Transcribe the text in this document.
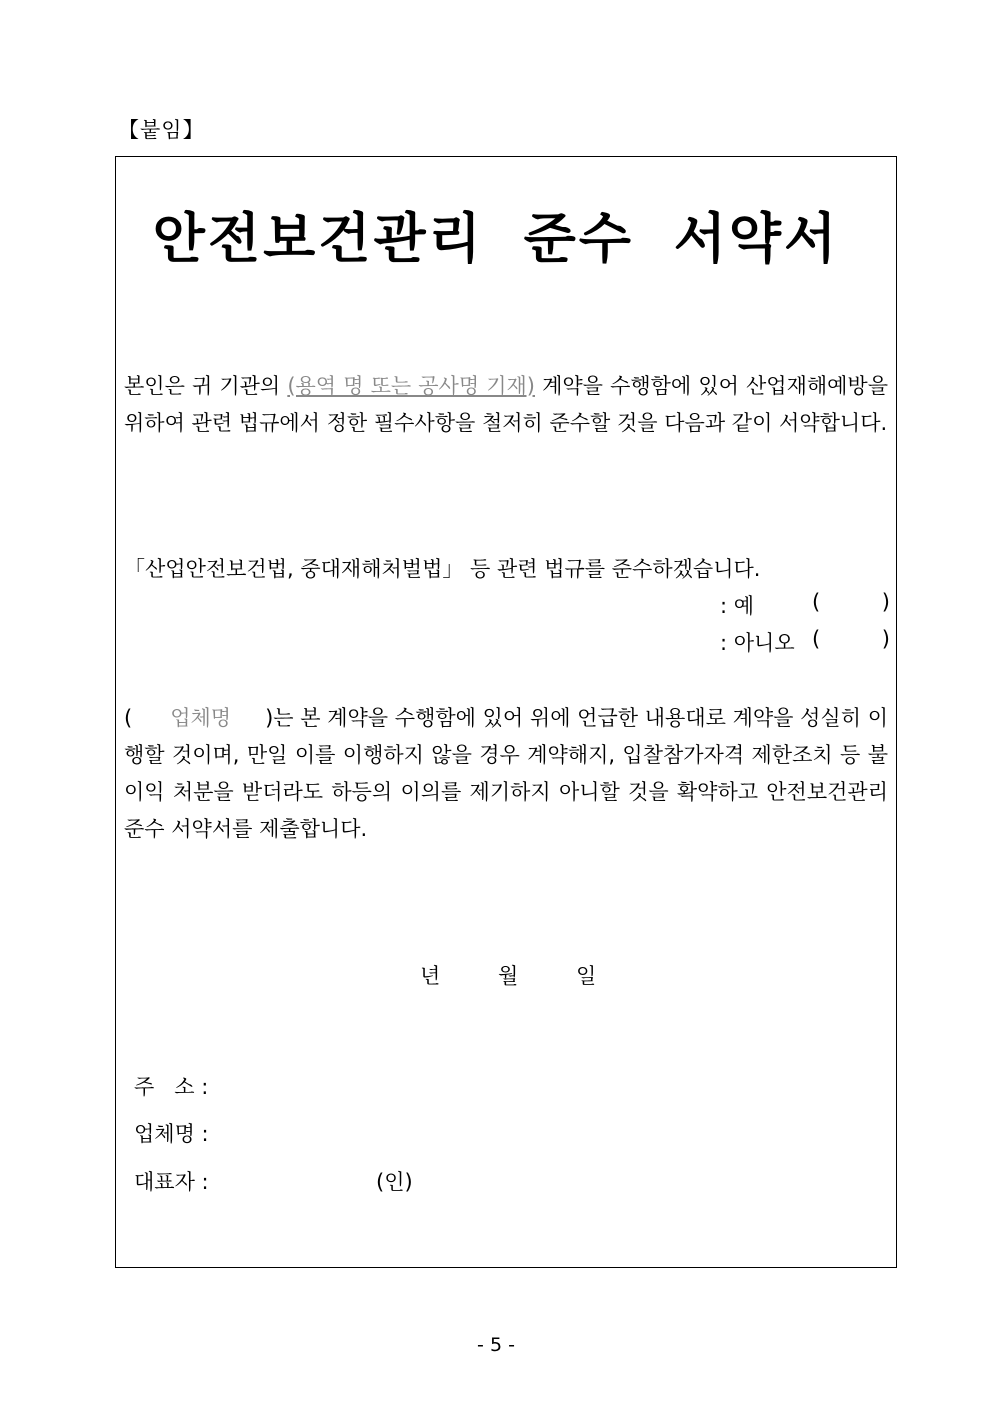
【붙임】
안전보건관리 준수 서약서
본인은 귀 기관의 (용역 명 또는 공사명 기재) 계약을 수행함에 있어 산업재해예방을 위하여 관련 법규에서 정한 필수사항을 철저히 준수할 것을 다음과 같이 서약합니다.
「산업안전보건법, 중대재해처벌법」 등 관련 법규를 준수하겠습니다.
: 예	(	)
: 아니오 (	)
( 업체명 )는 본 계약을 수행함에 있어 위에 언급한 내용대로 계약을 성실히 이행할 것이며, 만일 이를 이행하지 않을 경우 계약해지, 입찰참가자격 제한조치 등 불이익 처분을 받더라도 하등의 이의를 제기하지 아니할 것을 확약하고 안전보건관리 준수 서약서를 제출합니다.
년	월	일
주   소 :
업체명 :
대표자 :	(인)
- 5 -
